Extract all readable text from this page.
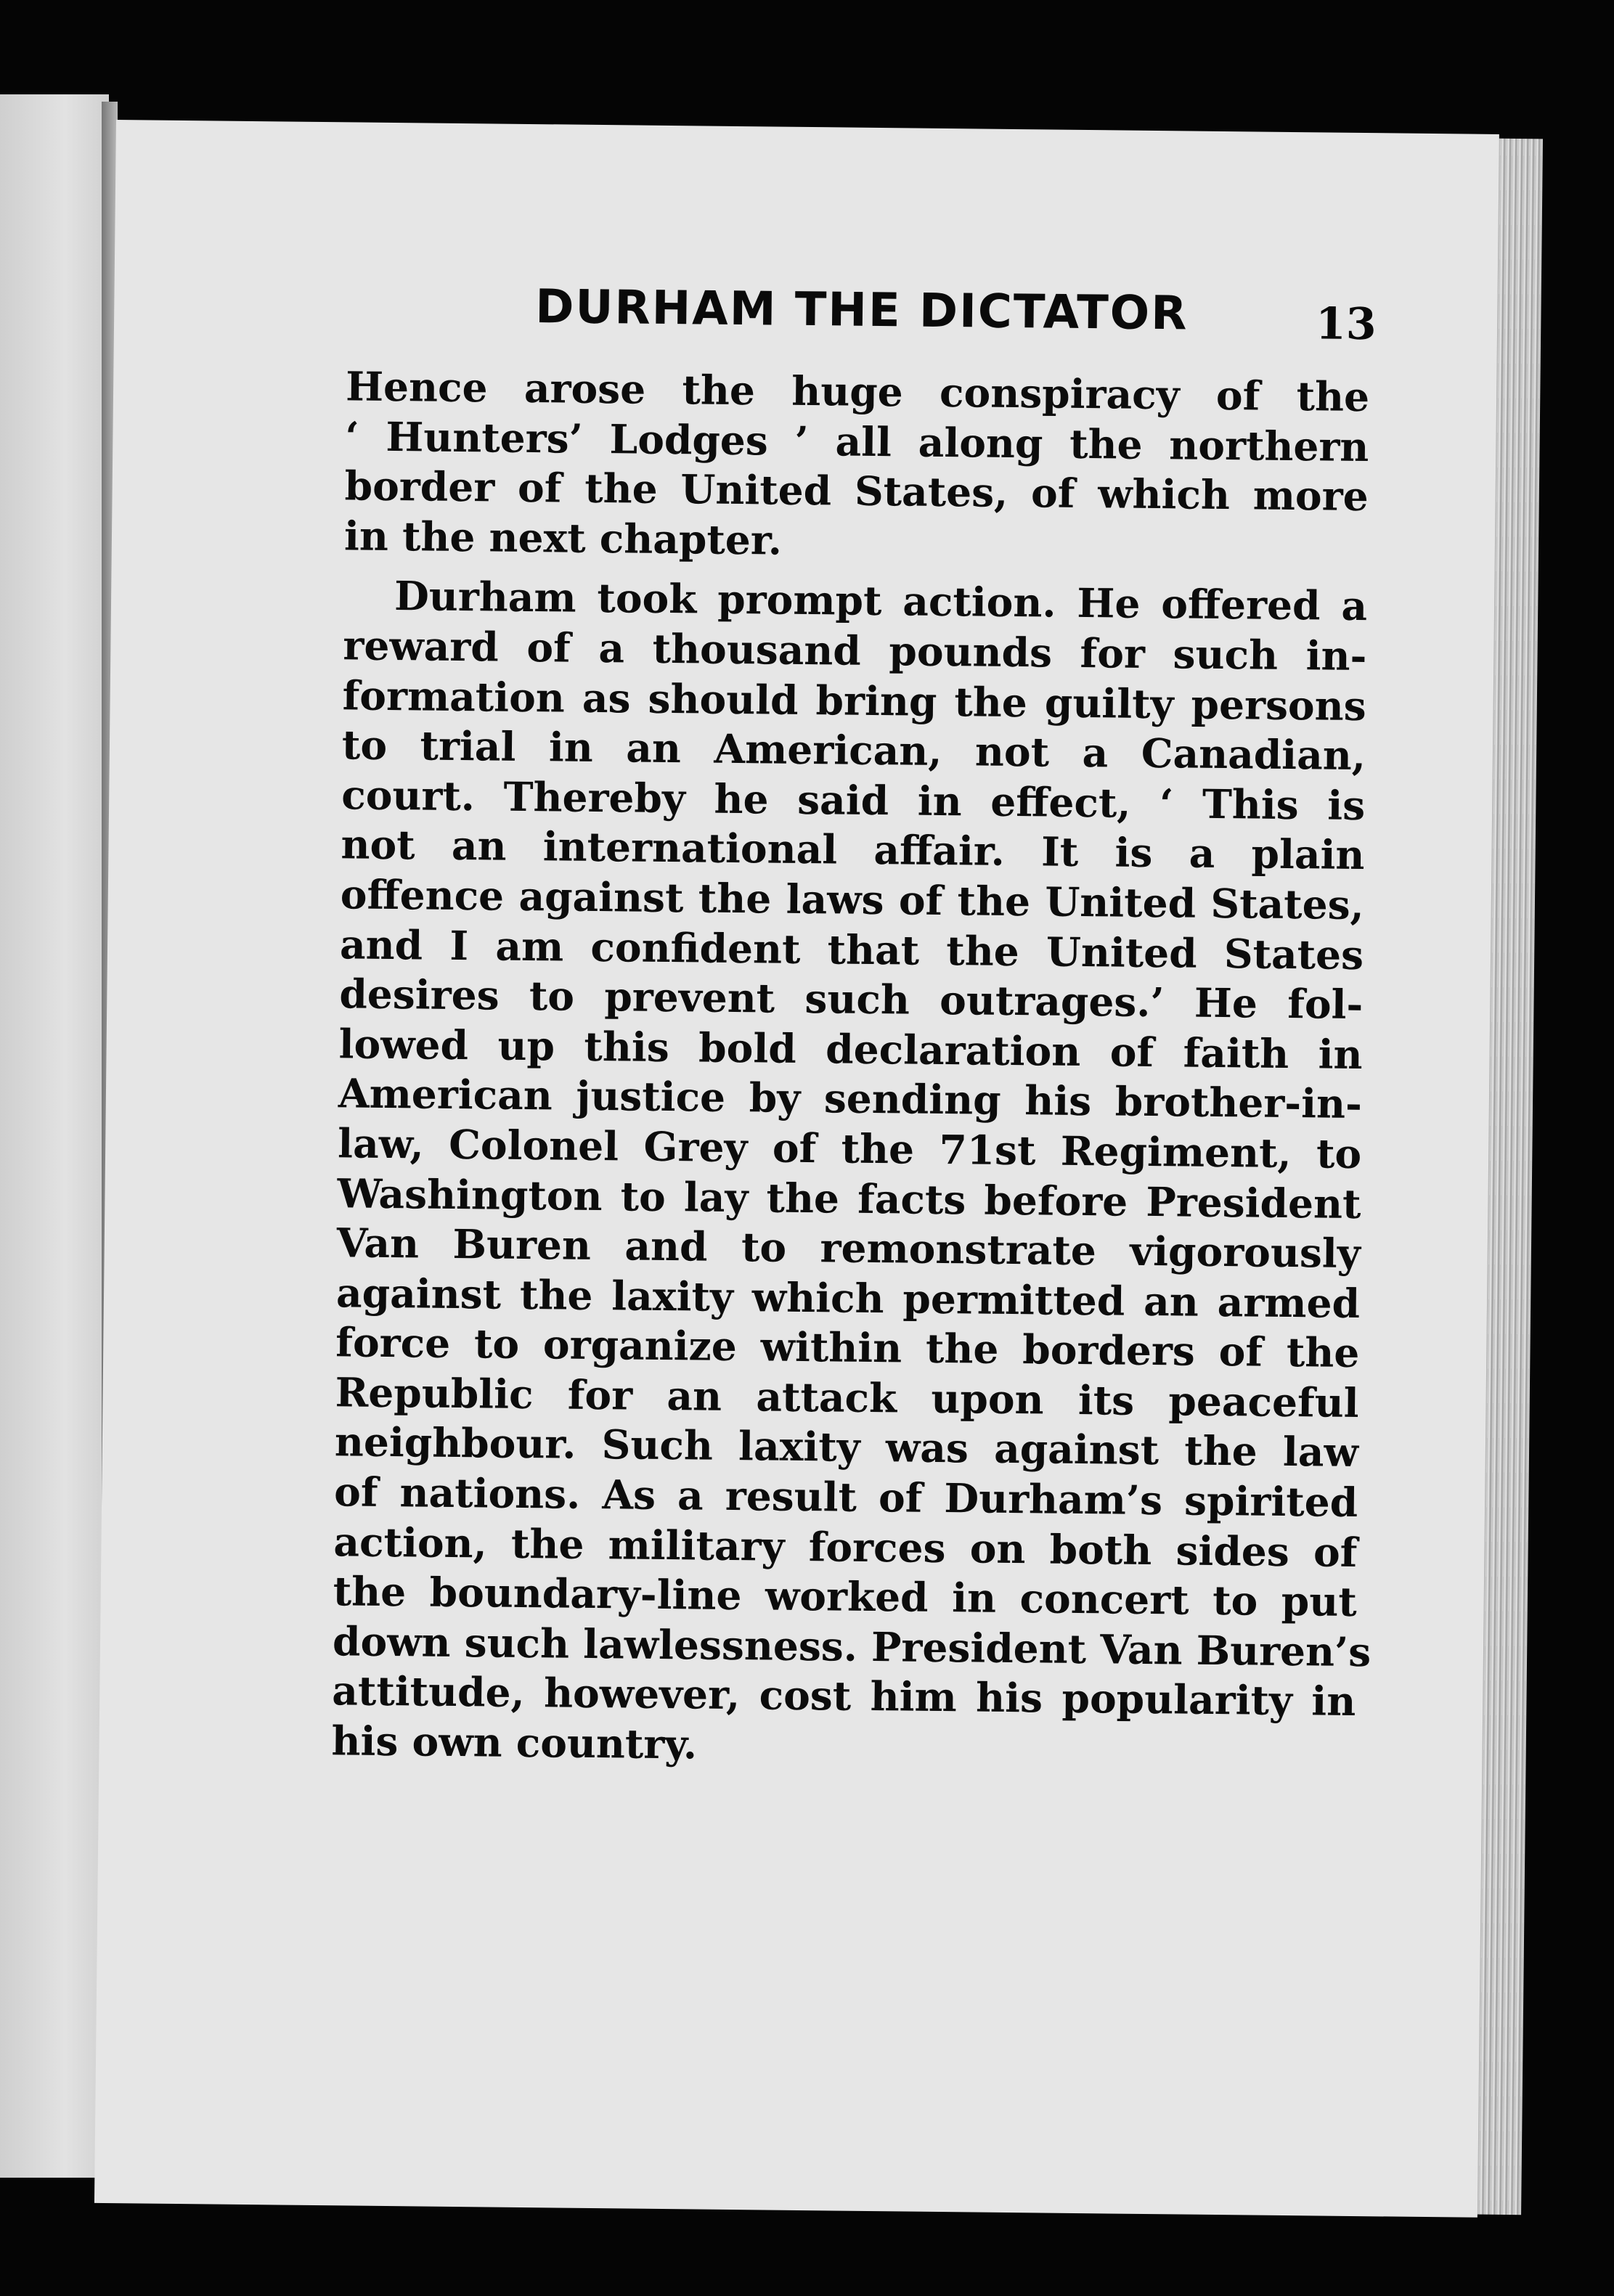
DURHAM THE DICTATOR	13
Hence arose the huge conspiracy of the
‘ Hunters’ Lodges ’ all along the northern
border of the United States, of which more
in the next chapter.
Durham took prompt action. He offered a
reward of a thousand pounds for such in-
formation as should bring the guilty persons
to trial in an American, not a Canadian,
court. Thereby he said in effect, ‘ This is
not an international affair. It is a plain
offence against the laws of the United States,
and I am confident that the United States
desires to prevent such outrages.’ He fol-
lowed up this bold declaration of faith in
American justice by sending his brother-in-
law, Colonel Grey of the 71st Regiment, to
Washington to lay the facts before President
Van Buren and to remonstrate vigorously
against the laxity which permitted an armed
force to organize within the borders of the
Republic for an attack upon its peaceful
neighbour. Such laxity was against the law
of nations. As a result of Durham’s spirited
action, the military forces on both sides of
the boundary-line worked in concert to put
down such lawlessness. President Van Buren’s
attitude, however, cost him his popularity in
his own country.
